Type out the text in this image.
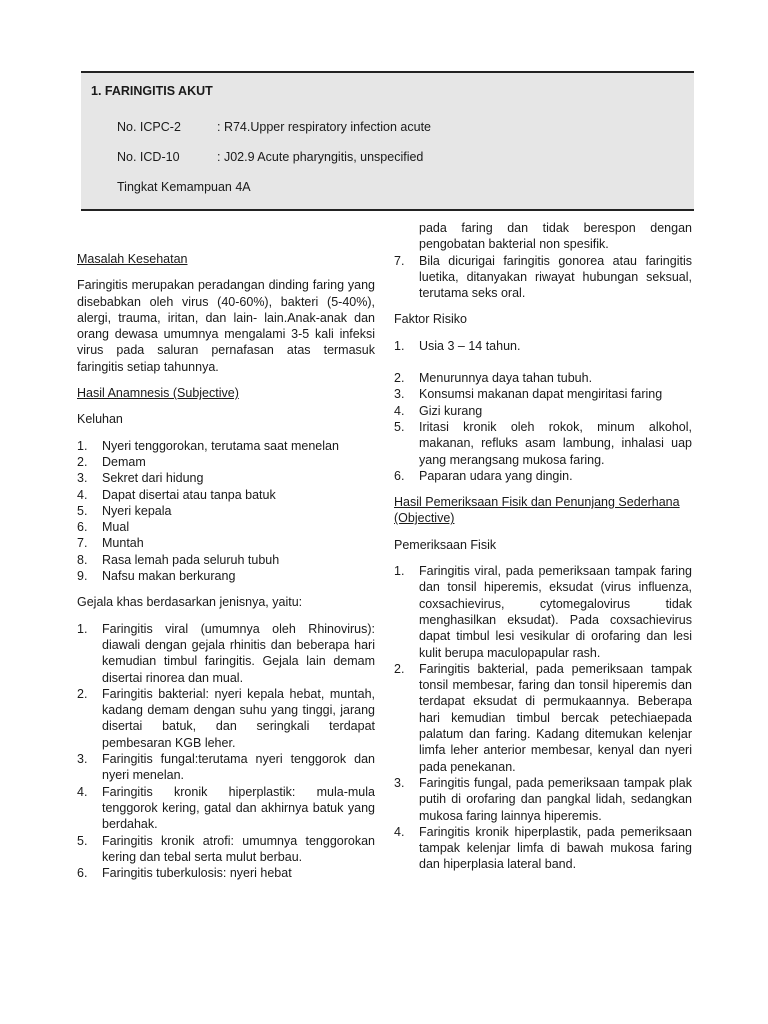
1. FARINGITIS AKUT
No. ICPC-2	: R74.Upper respiratory infection acute
No. ICD-10	: J02.9 Acute pharyngitis, unspecified
Tingkat Kemampuan 4A
Masalah Kesehatan
Faringitis merupakan peradangan dinding faring yang disebabkan oleh virus (40-60%), bakteri (5-40%), alergi, trauma, iritan, dan lain- lain.Anak-anak dan orang dewasa umumnya mengalami 3-5 kali infeksi virus pada saluran pernafasan atas termasuk faringitis setiap tahunnya.
Hasil Anamnesis (Subjective)
Keluhan
1.	Nyeri tenggorokan, terutama saat menelan
2.	Demam
3.	Sekret dari hidung
4.	Dapat disertai atau tanpa batuk
5.	Nyeri kepala
6.	Mual
7.	Muntah
8.	Rasa lemah pada seluruh tubuh
9.	Nafsu makan berkurang
Gejala khas berdasarkan jenisnya, yaitu:
1.	Faringitis viral (umumnya oleh Rhinovirus): diawali dengan gejala rhinitis dan beberapa hari kemudian timbul faringitis. Gejala lain demam disertai rinorea dan mual.
2.	Faringitis bakterial: nyeri kepala hebat, muntah, kadang demam dengan suhu yang tinggi, jarang disertai batuk, dan seringkali terdapat pembesaran KGB leher.
3.	Faringitis fungal:terutama nyeri tenggorok dan nyeri menelan.
4.	Faringitis kronik hiperplastik: mula-mula tenggorok kering, gatal dan akhirnya batuk yang berdahak.
5.	Faringitis kronik atrofi: umumnya tenggorokan kering dan tebal serta mulut berbau.
6.	Faringitis tuberkulosis: nyeri hebat
pada faring dan tidak berespon dengan pengobatan bakterial non spesifik.
7.	Bila dicurigai faringitis gonorea atau faringitis luetika, ditanyakan riwayat hubungan seksual, terutama seks oral.
Faktor Risiko
1.	Usia 3 – 14 tahun.
2.	Menurunnya daya tahan tubuh.
3.	Konsumsi makanan dapat mengiritasi faring
4.	Gizi kurang
5.	Iritasi kronik oleh rokok, minum alkohol, makanan, refluks asam lambung, inhalasi uap yang merangsang mukosa faring.
6.	Paparan udara yang dingin.
Hasil Pemeriksaan Fisik dan Penunjang Sederhana (Objective)
Pemeriksaan Fisik
1.	Faringitis viral, pada pemeriksaan tampak faring dan tonsil hiperemis, eksudat (virus influenza, coxsachievirus, cytomegalovirus tidak menghasilkan eksudat). Pada coxsachievirus dapat timbul lesi vesikular di orofaring dan lesi kulit berupa maculopapular rash.
2.	Faringitis bakterial, pada pemeriksaan tampak tonsil membesar, faring dan tonsil hiperemis dan terdapat eksudat di permukaannya. Beberapa hari kemudian timbul bercak petechiaepada palatum dan faring. Kadang ditemukan kelenjar limfa leher anterior membesar, kenyal dan nyeri pada penekanan.
3.	Faringitis fungal, pada pemeriksaan tampak plak putih di orofaring dan pangkal lidah, sedangkan mukosa faring lainnya hiperemis.
4.	Faringitis kronik hiperplastik, pada pemeriksaan tampak kelenjar limfa di bawah mukosa faring dan hiperplasia lateral band.
